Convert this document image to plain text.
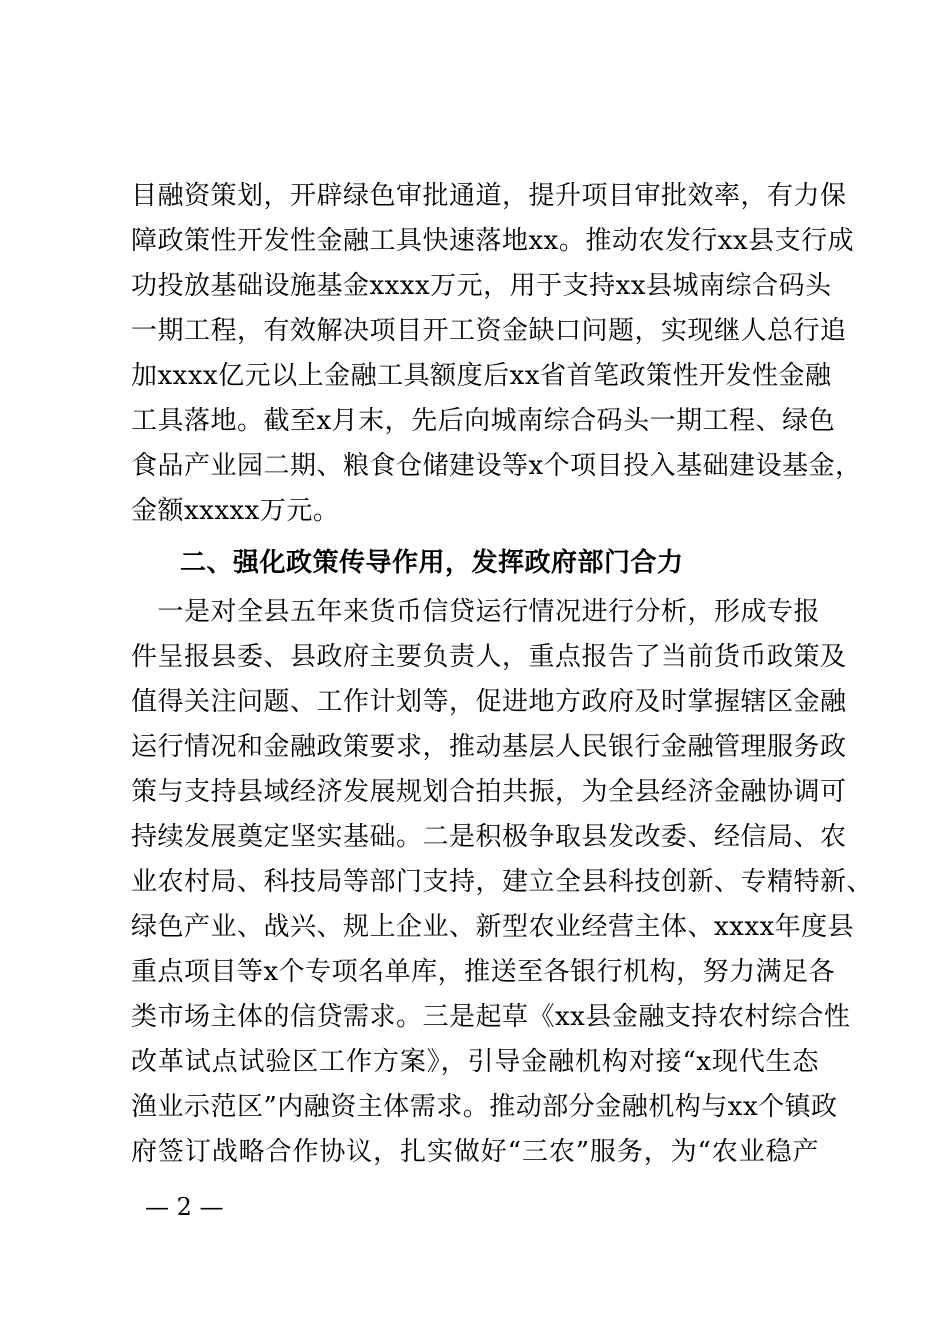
目融资策划，开辟绿色审批通道，提升项目审批效率，有力保
障政策性开发性金融工具快速落地xx。推动农发行xx县支行成
功投放基础设施基金xxxx万元，用于支持xx县城南综合码头
一期工程，有效解决项目开工资金缺口问题，实现继人总行追
加xxxx亿元以上金融工具额度后xx省首笔政策性开发性金融
工具落地。截至x月末，先后向城南综合码头一期工程、绿色
食品产业园二期、粮食仓储建设等x个项目投入基础建设基金，
金额xxxxx万元。
二、强化政策传导作用，发挥政府部门合力
　一是对全县五年来货币信贷运行情况进行分析，形成专报
件呈报县委、县政府主要负责人，重点报告了当前货币政策及
值得关注问题、工作计划等，促进地方政府及时掌握辖区金融
运行情况和金融政策要求，推动基层人民银行金融管理服务政
策与支持县域经济发展规划合拍共振，为全县经济金融协调可
持续发展奠定坚实基础。二是积极争取县发改委、经信局、农
业农村局、科技局等部门支持，建立全县科技创新、专精特新、
绿色产业、战兴、规上企业、新型农业经营主体、xxxx年度县
重点项目等x个专项名单库，推送至各银行机构，努力满足各
类市场主体的信贷需求。三是起草《xx县金融支持农村综合性
改革试点试验区工作方案》，引导金融机构对接“x现代生态
渔业示范区”内融资主体需求。推动部分金融机构与xx个镇政
府签订战略合作协议，扎实做好“三农”服务，为“农业稳产
— 2 —
